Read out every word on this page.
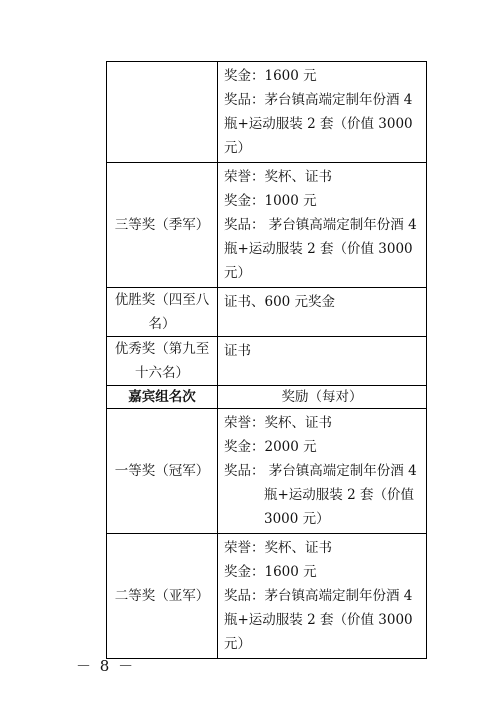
	奖金：1600 元
奖品：茅台镇高端定制年份酒 4
瓶+运动服装 2 套（价值 3000
元）

三等奖（季军）	荣誉：奖杯、证书
奖金：1000 元
奖品： 茅台镇高端定制年份酒 4
瓶+运动服装 2 套（价值 3000
元）

优胜奖（四至八
名）	证书、600 元奖金

优秀奖（第九至
十六名）	证书

嘉宾组名次	奖励（每对）
一等奖（冠军）	荣誉：奖杯、证书
奖金：2000 元
奖品： 茅台镇高端定制年份酒 4
瓶+运动服装 2 套（价值
3000 元）

二等奖（亚军）	荣誉：奖杯、证书
奖金：1600 元
奖品：茅台镇高端定制年份酒 4
瓶+运动服装 2 套（价值 3000
元）
－ 8 －
